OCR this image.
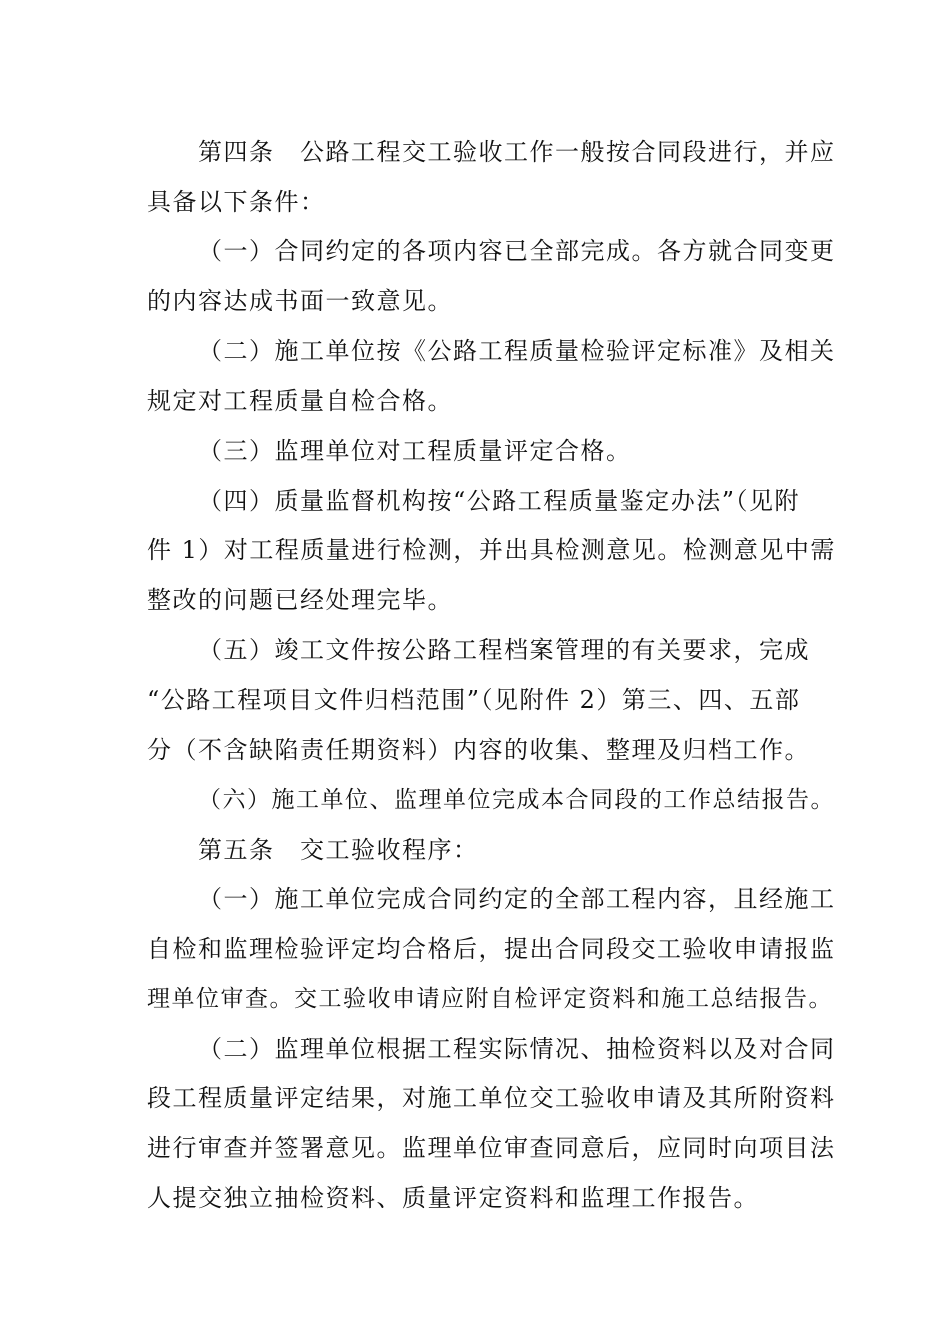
第四条　公路工程交工验收工作一般按合同段进行，并应
具备以下条件：
（一）合同约定的各项内容已全部完成。各方就合同变更
的内容达成书面一致意见。
（二）施工单位按《公路工程质量检验评定标准》及相关
规定对工程质量自检合格。
（三）监理单位对工程质量评定合格。
（四）质量监督机构按“公路工程质量鉴定办法”（见附
件 1）对工程质量进行检测，并出具检测意见。检测意见中需
整改的问题已经处理完毕。
（五）竣工文件按公路工程档案管理的有关要求，完成
“公路工程项目文件归档范围”（见附件 2）第三、四、五部
分（不含缺陷责任期资料）内容的收集、整理及归档工作。
（六）施工单位、监理单位完成本合同段的工作总结报告。
第五条　交工验收程序：
（一）施工单位完成合同约定的全部工程内容，且经施工
自检和监理检验评定均合格后，提出合同段交工验收申请报监
理单位审查。交工验收申请应附自检评定资料和施工总结报告。
（二）监理单位根据工程实际情况、抽检资料以及对合同
段工程质量评定结果，对施工单位交工验收申请及其所附资料
进行审查并签署意见。监理单位审查同意后，应同时向项目法
人提交独立抽检资料、质量评定资料和监理工作报告。
